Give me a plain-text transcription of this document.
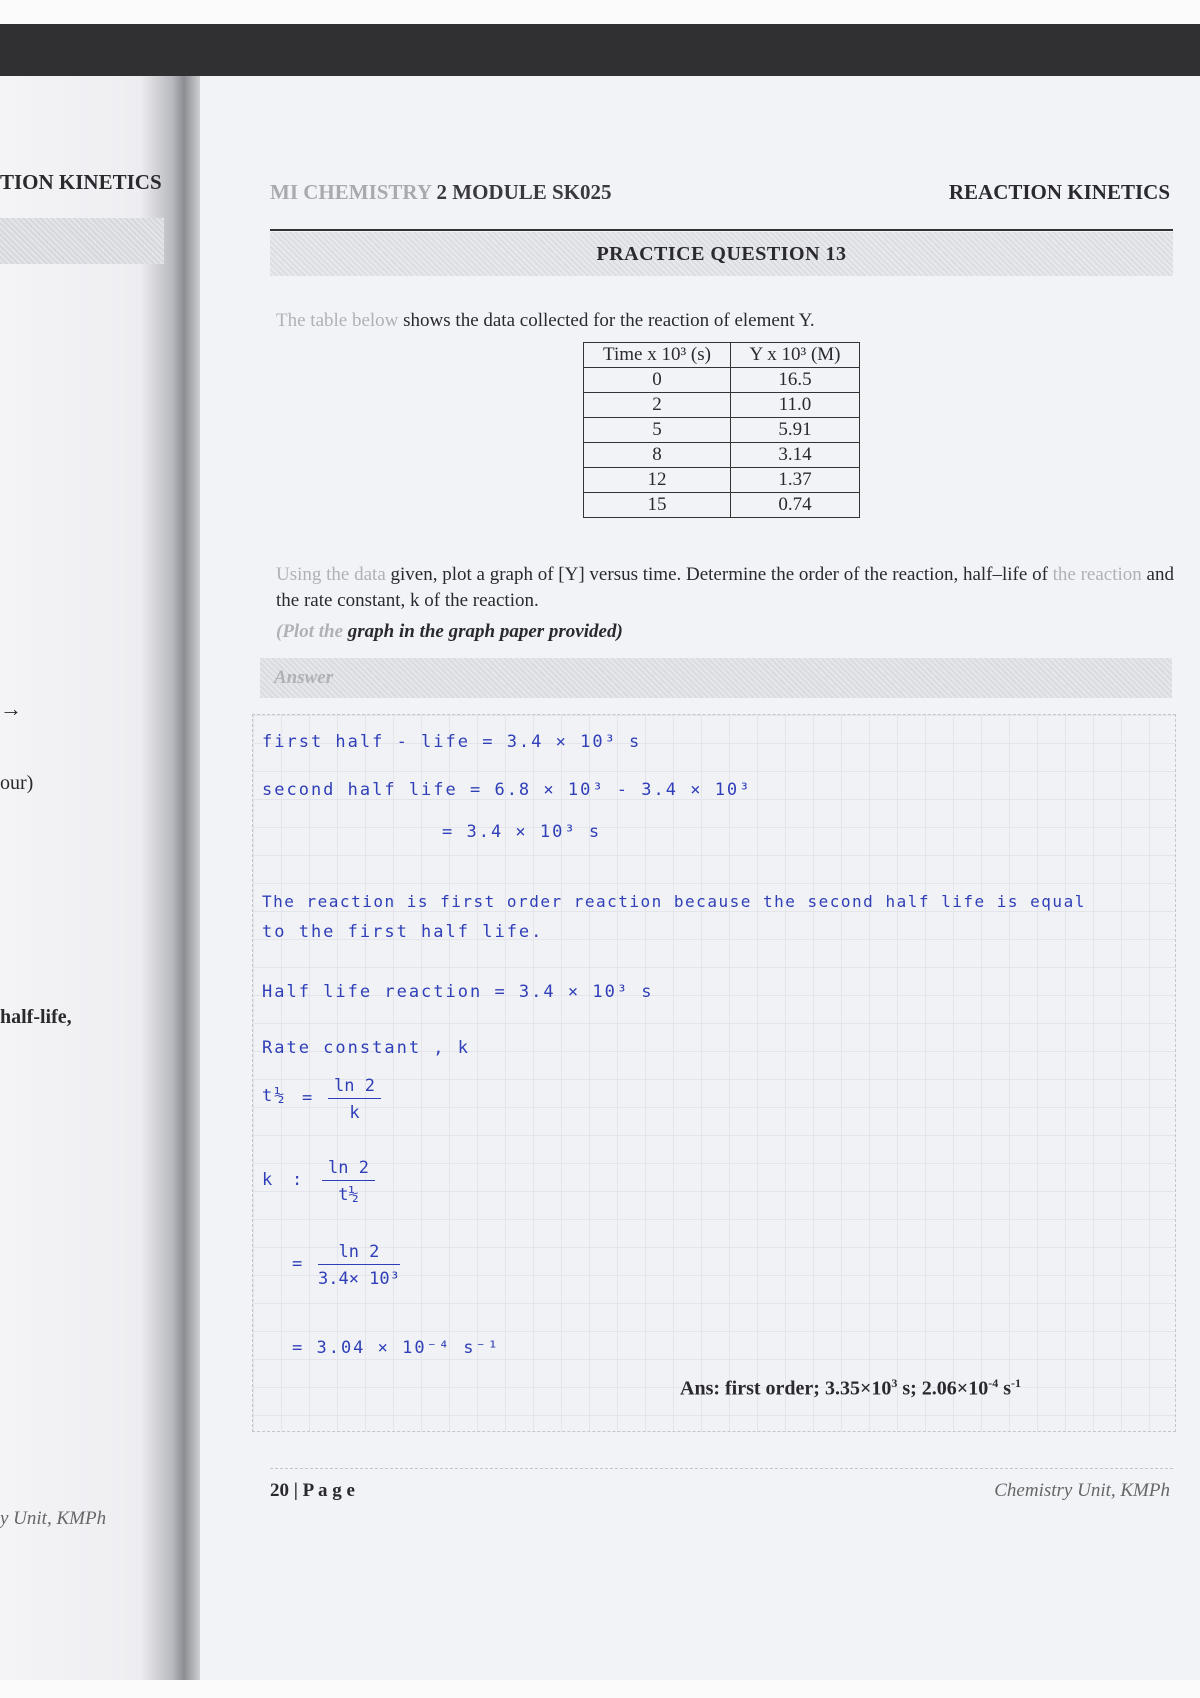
TION KINETICS
→
our)
half-life,
y Unit, KMPh
MI CHEMISTRY 2 MODULE SK025	REACTION KINETICS
PRACTICE QUESTION 13
The table below shows the data collected for the reaction of element Y.
Time x 10³ (s)	Y x 10³ (M)
0	16.5
2	11.0
5	5.91
8	3.14
12	1.37
15	0.74
Using the data given, plot a graph of [Y] versus time. Determine the order of the reaction, half–life of the reaction and the rate constant, k of the reaction.
(Plot the graph in the graph paper provided)
Answer
first half - life = 3.4 × 10³ s
second half life = 6.8 × 10³ - 3.4 × 10³
= 3.4 × 10³ s
The reaction is first order reaction because the second half life is equal
to the first half life.
Half life reaction = 3.4 × 10³ s
Rate constant , k
t½ = $\frac{\ln 2}{k}$
k : $\frac{\ln 2}{\text{t½}}$
= $\frac{\ln 2}{\text{3.4× 10³}}$
= 3.04 × 10⁻⁴ s⁻¹
Ans: first order; $3.35\times 10^3$ s; $2.06\times 10^{-4}$ $s^{-1}$
20 | P a g e	Chemistry Unit, KMPh
